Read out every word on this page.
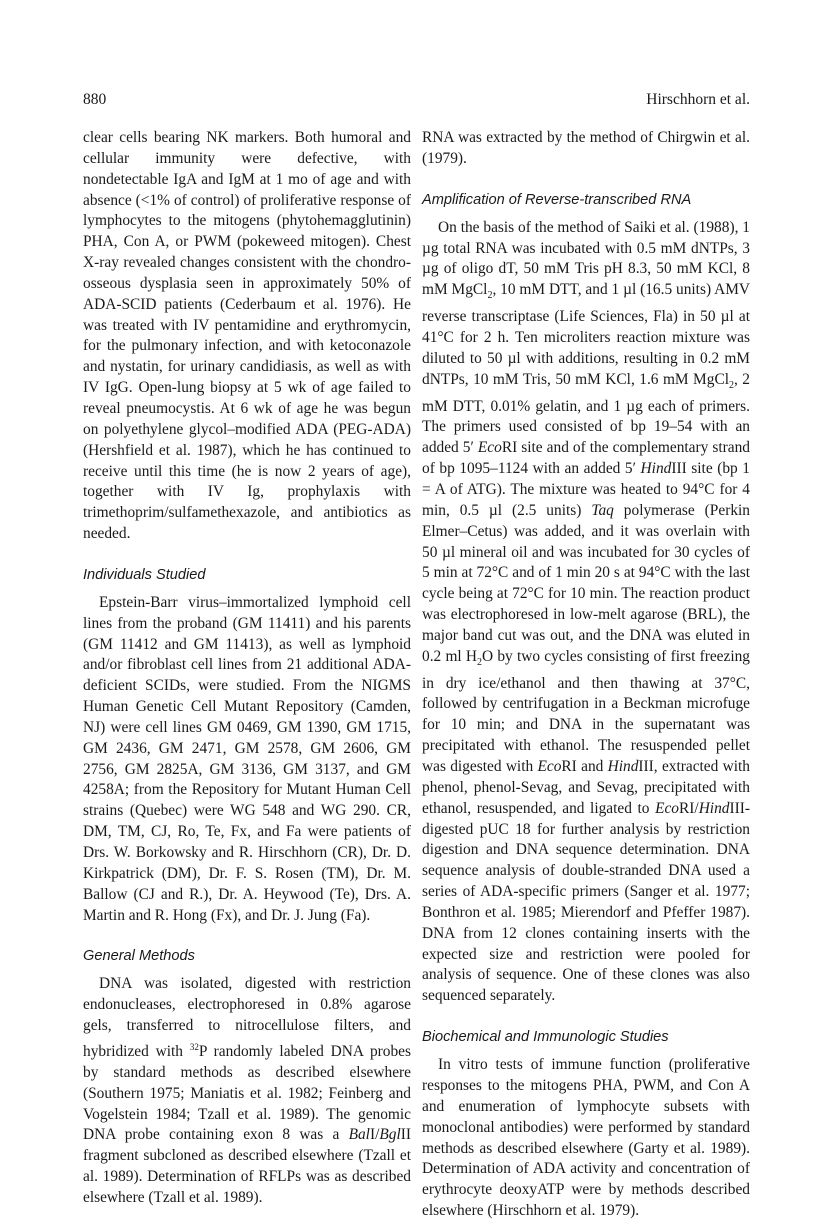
880	Hirschhorn et al.

clear cells bearing NK markers. Both humoral and cellular immunity were defective, with nondetectable IgA and IgM at 1 mo of age and with absence (<1% of control) of proliferative response of lymphocytes to the mitogens (phytohemagglutinin) PHA, Con A, or PWM (pokeweed mitogen). Chest X-ray revealed changes consistent with the chondro-osseous dysplasia seen in approximately 50% of ADA-SCID patients (Cederbaum et al. 1976). He was treated with IV pentamidine and erythromycin, for the pulmonary infection, and with ketoconazole and nystatin, for urinary candidiasis, as well as with IV IgG. Open-lung biopsy at 5 wk of age failed to reveal pneumocystis. At 6 wk of age he was begun on polyethylene glycol–modified ADA (PEG-ADA) (Hershfield et al. 1987), which he has continued to receive until this time (he is now 2 years of age), together with IV Ig, prophylaxis with trimethoprim/sulfamethexazole, and antibiotics as needed.

Individuals Studied

Epstein-Barr virus–immortalized lymphoid cell lines from the proband (GM 11411) and his parents (GM 11412 and GM 11413), as well as lymphoid and/or fibroblast cell lines from 21 additional ADA-deficient SCIDs, were studied. From the NIGMS Human Genetic Cell Mutant Repository (Camden, NJ) were cell lines GM 0469, GM 1390, GM 1715, GM 2436, GM 2471, GM 2578, GM 2606, GM 2756, GM 2825A, GM 3136, GM 3137, and GM 4258A; from the Repository for Mutant Human Cell strains (Quebec) were WG 548 and WG 290. CR, DM, TM, CJ, Ro, Te, Fx, and Fa were patients of Drs. W. Borkowsky and R. Hirschhorn (CR), Dr. D. Kirkpatrick (DM), Dr. F. S. Rosen (TM), Dr. M. Ballow (CJ and R.), Dr. A. Heywood (Te), Drs. A. Martin and R. Hong (Fx), and Dr. J. Jung (Fa).

General Methods

DNA was isolated, digested with restriction endonucleases, electrophoresed in 0.8% agarose gels, transferred to nitrocellulose filters, and hybridized with $^{32}$P randomly labeled DNA probes by standard methods as described elsewhere (Southern 1975; Maniatis et al. 1982; Feinberg and Vogelstein 1984; Tzall et al. 1989). The genomic DNA probe containing exon 8 was a BalI/BglII fragment subcloned as described elsewhere (Tzall et al. 1989). Determination of RFLPs was as described elsewhere (Tzall et al. 1989).

RNA was extracted by the method of Chirgwin et al. (1979).

Amplification of Reverse-transcribed RNA

On the basis of the method of Saiki et al. (1988), 1 µg total RNA was incubated with 0.5 mM dNTPs, 3 µg of oligo dT, 50 mM Tris pH 8.3, 50 mM KCl, 8 mM MgCl$_2$, 10 mM DTT, and 1 µl (16.5 units) AMV reverse transcriptase (Life Sciences, Fla) in 50 µl at 41°C for 2 h. Ten microliters reaction mixture was diluted to 50 µl with additions, resulting in 0.2 mM dNTPs, 10 mM Tris, 50 mM KCl, 1.6 mM MgCl$_2$, 2 mM DTT, 0.01% gelatin, and 1 µg each of primers. The primers used consisted of bp 19–54 with an added 5′ EcoRI site and of the complementary strand of bp 1095–1124 with an added 5′ HindIII site (bp 1 = A of ATG). The mixture was heated to 94°C for 4 min, 0.5 µl (2.5 units) Taq polymerase (Perkin Elmer–Cetus) was added, and it was overlain with 50 µl mineral oil and was incubated for 30 cycles of 5 min at 72°C and of 1 min 20 s at 94°C with the last cycle being at 72°C for 10 min. The reaction product was electrophoresed in low-melt agarose (BRL), the major band cut was out, and the DNA was eluted in 0.2 ml $H_2O$ by two cycles consisting of first freezing in dry ice/ethanol and then thawing at 37°C, followed by centrifugation in a Beckman microfuge for 10 min; and DNA in the supernatant was precipitated with ethanol. The resuspended pellet was digested with EcoRI and HindIII, extracted with phenol, phenol-Sevag, and Sevag, precipitated with ethanol, resuspended, and ligated to EcoRI/HindIII-digested pUC 18 for further analysis by restriction digestion and DNA sequence determination. DNA sequence analysis of double-stranded DNA used a series of ADA-specific primers (Sanger et al. 1977; Bonthron et al. 1985; Mierendorf and Pfeffer 1987). DNA from 12 clones containing inserts with the expected size and restriction were pooled for analysis of sequence. One of these clones was also sequenced separately.

Biochemical and Immunologic Studies

In vitro tests of immune function (proliferative responses to the mitogens PHA, PWM, and Con A and enumeration of lymphocyte subsets with monoclonal antibodies) were performed by standard methods as described elsewhere (Garty et al. 1989). Determination of ADA activity and concentration of erythrocyte deoxyATP were by methods described elsewhere (Hirschhorn et al. 1979).
